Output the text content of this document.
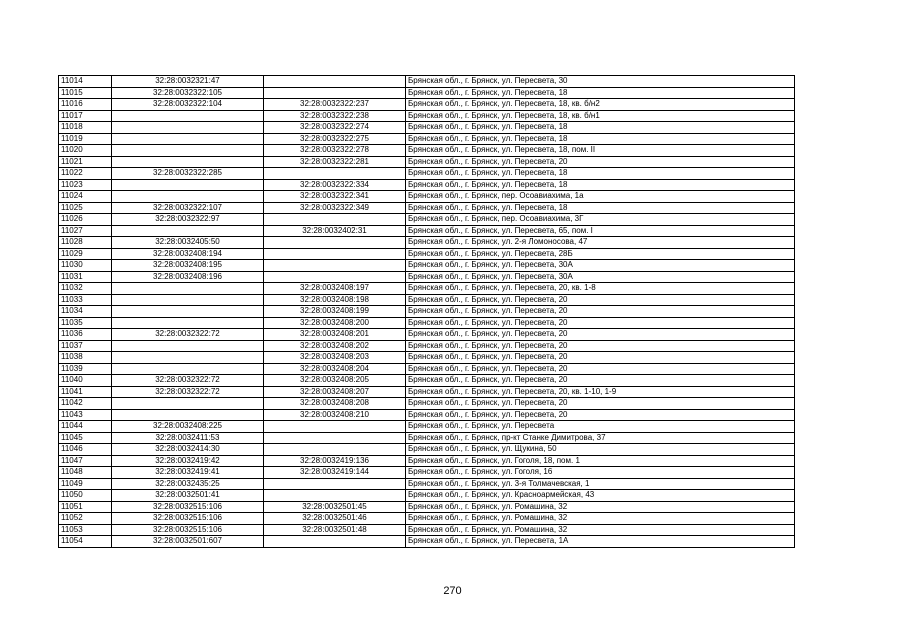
11014	32:28:0032321:47		Брянская обл., г. Брянск, ул. Пересвета, 30
11015	32:28:0032322:105		Брянская обл., г. Брянск, ул. Пересвета, 18
11016	32:28:0032322:104	32:28:0032322:237	Брянская обл., г. Брянск, ул. Пересвета, 18, кв. б/н2
11017		32:28:0032322:238	Брянская обл., г. Брянск, ул. Пересвета, 18, кв. б/н1
11018		32:28:0032322:274	Брянская обл., г. Брянск, ул. Пересвета, 18
11019		32:28:0032322:275	Брянская обл., г. Брянск, ул. Пересвета, 18
11020		32:28:0032322:278	Брянская обл., г. Брянск, ул. Пересвета, 18, пом. II
11021		32:28:0032322:281	Брянская обл., г. Брянск, ул. Пересвета, 20
11022	32:28:0032322:285		Брянская обл., г. Брянск, ул. Пересвета, 18
11023		32:28:0032322:334	Брянская обл., г. Брянск, ул. Пересвета, 18
11024		32:28:0032322:341	Брянская обл., г. Брянск, пер. Осоавиахима, 1а
11025	32:28:0032322:107	32:28:0032322:349	Брянская обл., г. Брянск, ул. Пересвета, 18
11026	32:28:0032322:97		Брянская обл., г. Брянск, пер. Осоавиахима, 3Г
11027		32:28:0032402:31	Брянская обл., г. Брянск, ул. Пересвета, 65, пом. I
11028	32:28:0032405:50		Брянская обл., г. Брянск, ул. 2-я Ломоносова, 47
11029	32:28:0032408:194		Брянская обл., г. Брянск, ул. Пересвета, 28Б
11030	32:28:0032408:195		Брянская обл., г. Брянск, ул. Пересвета, 30А
11031	32:28:0032408:196		Брянская обл., г. Брянск, ул. Пересвета, 30А
11032		32:28:0032408:197	Брянская обл., г. Брянск, ул. Пересвета, 20, кв. 1-8
11033		32:28:0032408:198	Брянская обл., г. Брянск, ул. Пересвета, 20
11034		32:28:0032408:199	Брянская обл., г. Брянск, ул. Пересвета, 20
11035		32:28:0032408:200	Брянская обл., г. Брянск, ул. Пересвета, 20
11036	32:28:0032322:72	32:28:0032408:201	Брянская обл., г. Брянск, ул. Пересвета, 20
11037		32:28:0032408:202	Брянская обл., г. Брянск, ул. Пересвета, 20
11038		32:28:0032408:203	Брянская обл., г. Брянск, ул. Пересвета, 20
11039		32:28:0032408:204	Брянская обл., г. Брянск, ул. Пересвета, 20
11040	32:28:0032322:72	32:28:0032408:205	Брянская обл., г. Брянск, ул. Пересвета, 20
11041	32:28:0032322:72	32:28:0032408:207	Брянская обл., г. Брянск, ул. Пересвета, 20, кв. 1-10, 1-9
11042		32:28:0032408:208	Брянская обл., г. Брянск, ул. Пересвета, 20
11043		32:28:0032408:210	Брянская обл., г. Брянск, ул. Пересвета, 20
11044	32:28:0032408:225		Брянская обл., г. Брянск, ул. Пересвета
11045	32:28:0032411:53		Брянская обл., г. Брянск, пр-кт Станке Димитрова, 37
11046	32:28:0032414:30		Брянская обл., г. Брянск, ул. Щукина, 50
11047	32:28:0032419:42	32:28:0032419:136	Брянская обл., г. Брянск, ул. Гоголя, 18, пом. 1
11048	32:28:0032419:41	32:28:0032419:144	Брянская обл., г. Брянск, ул. Гоголя, 16
11049	32:28:0032435:25		Брянская обл., г. Брянск, ул. 3-я Толмачевская, 1
11050	32:28:0032501:41		Брянская обл., г. Брянск, ул. Красноармейская, 43
11051	32:28:0032515:106	32:28:0032501:45	Брянская обл., г. Брянск, ул. Ромашина, 32
11052	32:28:0032515:106	32:28:0032501:46	Брянская обл., г. Брянск, ул. Ромашина, 32
11053	32:28:0032515:106	32:28:0032501:48	Брянская обл., г. Брянск, ул. Ромашина, 32
11054	32:28:0032501:607		Брянская обл., г. Брянск, ул. Пересвета, 1А
270
